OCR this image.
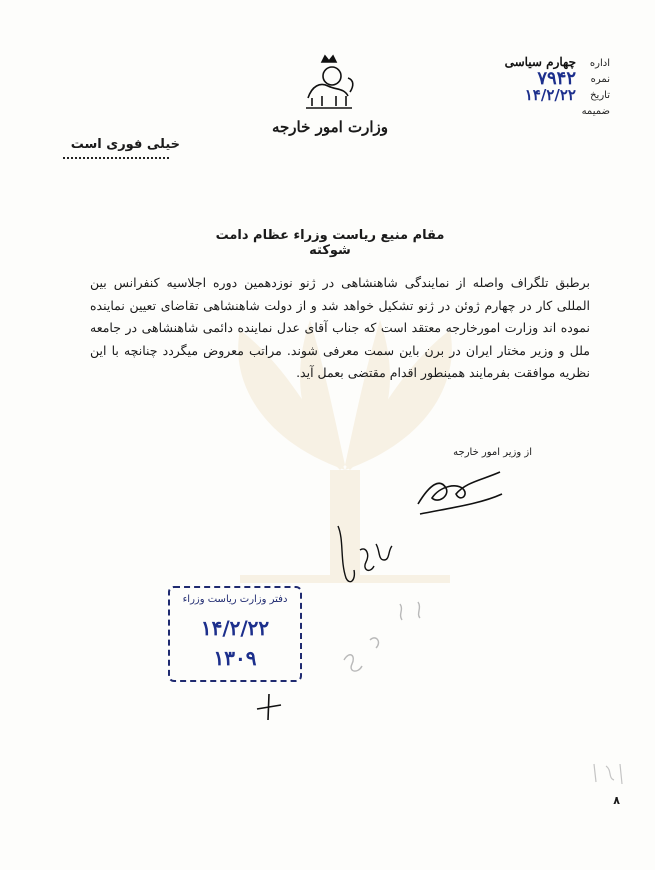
وزارت امور خارجه
اداره
چهارم سیاسی
نمره
۷۹۴۲
تاریخ
۱۴/۲/۲۲
ضمیمه
خیلی فوری است
مقام منیع ریاست وزراء عظام دامت شوکته
برطبق تلگراف واصله از نمایندگی شاهنشاهی در ژنو نوزدهمین دوره اجلاسیه کنفرانس بین المللی کار در چهارم ژوئن در ژنو تشکیل خواهد شد و از دولت شاهنشاهی تقاضای تعیین نماینده نموده اند وزارت امورخارجه معتقد است که جناب آقای عدل نماینده دائمی شاهنشاهی در جامعه ملل و وزیر مختار ایران در برن باین سمت معرفی شوند. مراتب معروض میگردد چنانچه با این نظریه موافقت بفرمایند همینطور اقدام مقتضی بعمل آید.
از وزیر امور خارجه
دفتر وزارت ریاست وزراء
۱۴/۲/۲۲
۱۳۰۹
۸
